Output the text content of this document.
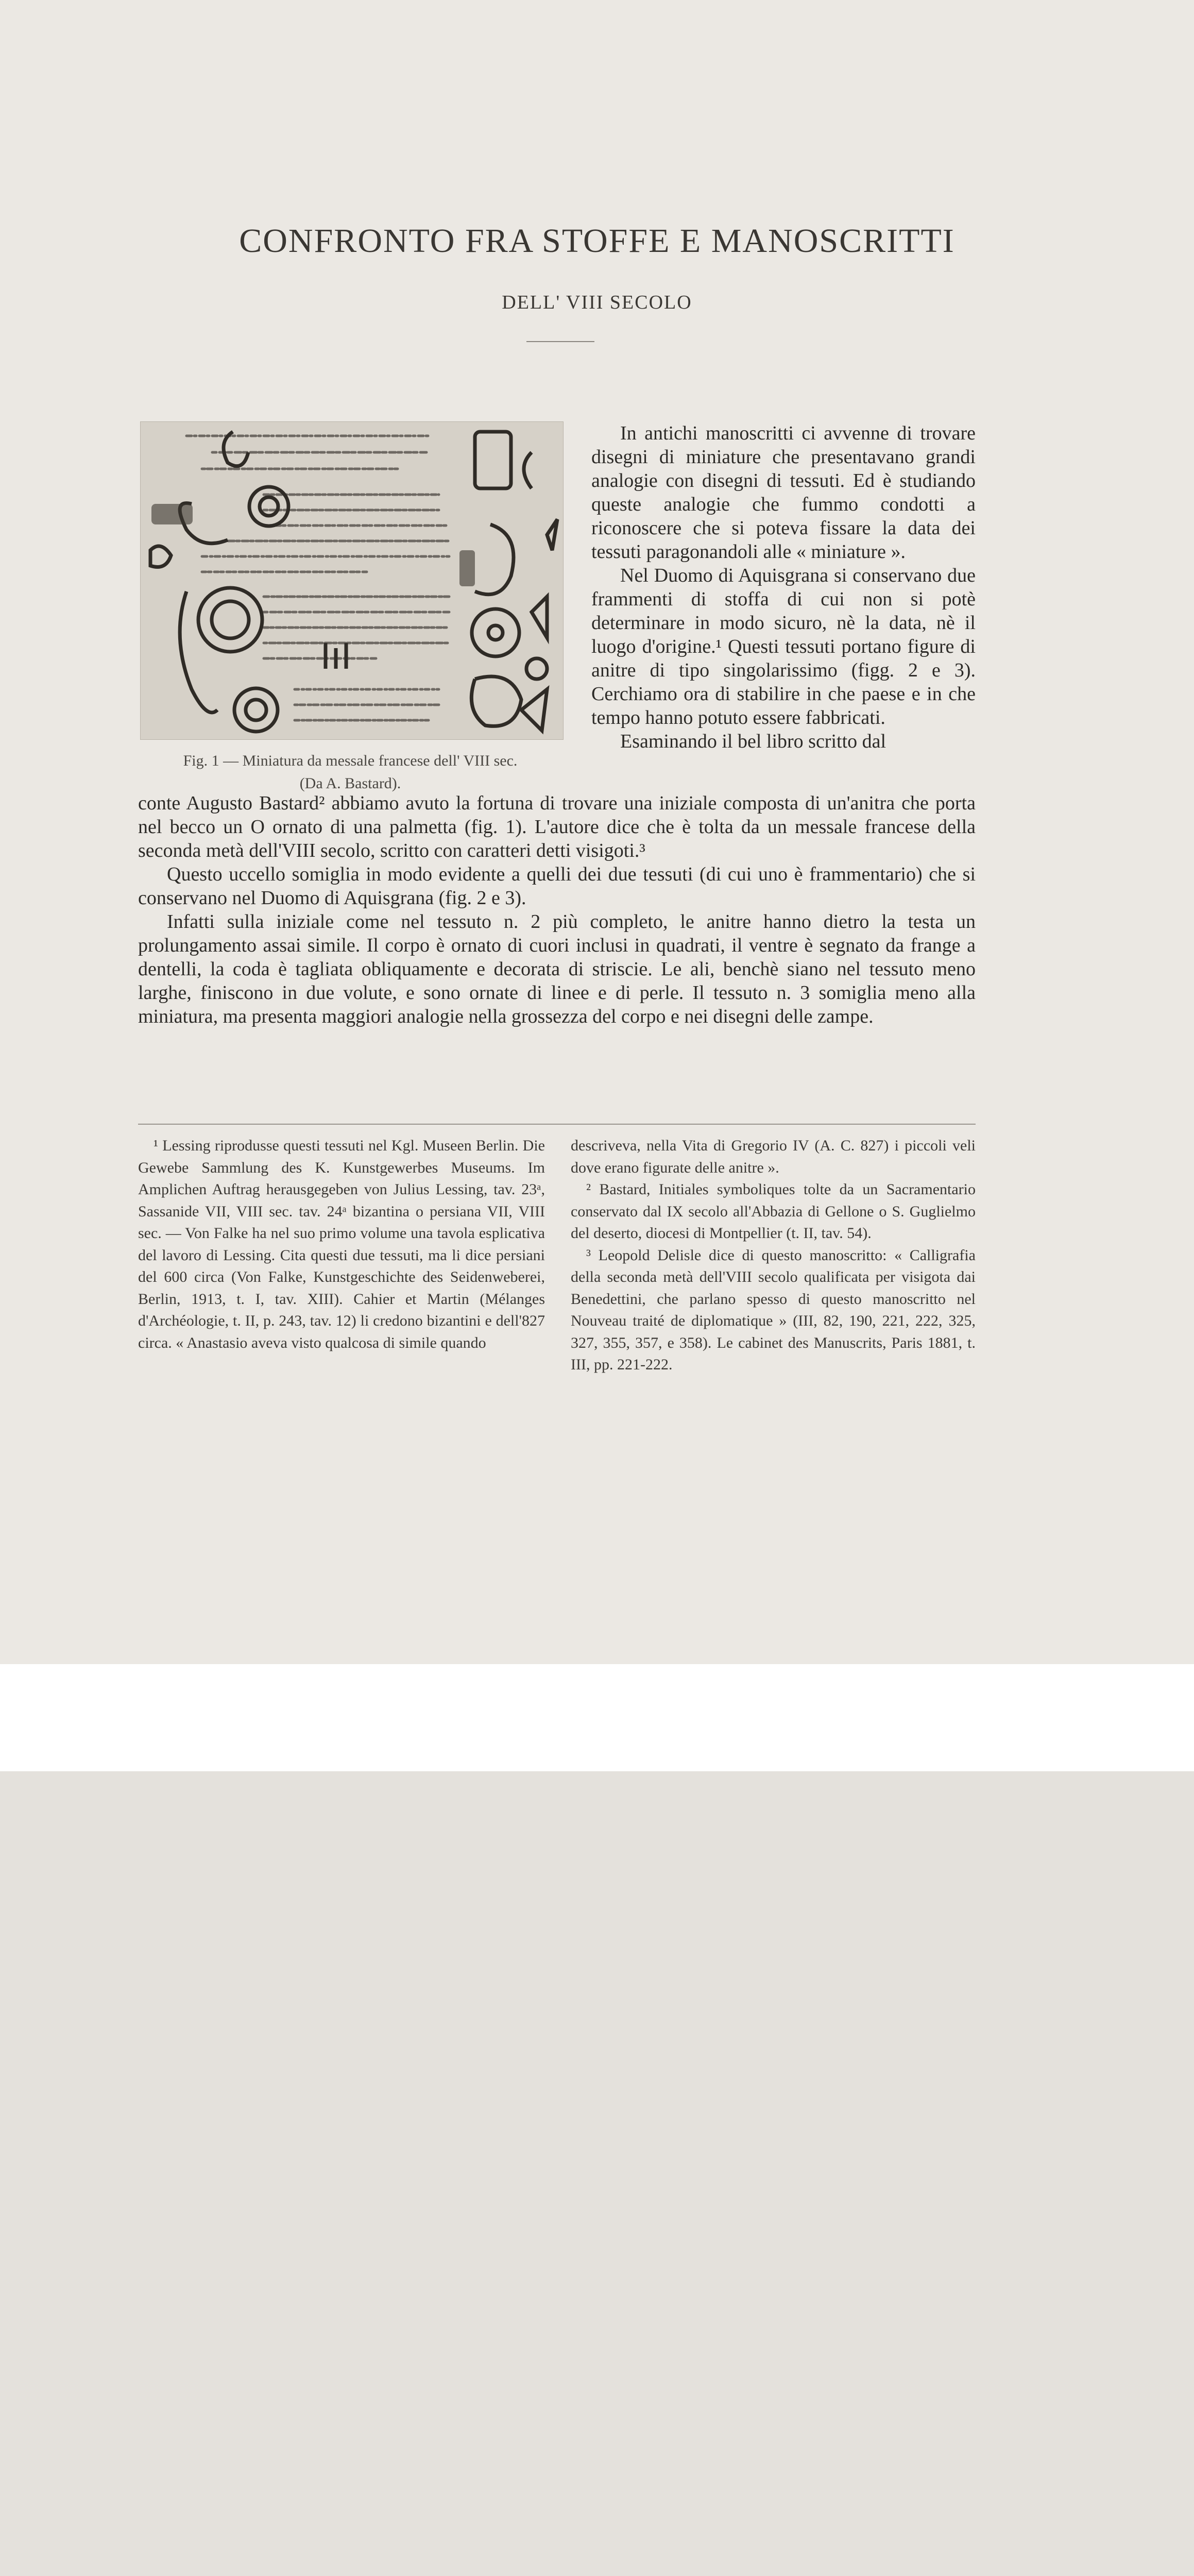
CONFRONTO FRA STOFFE E MANOSCRITTI
DELL' VIII SECOLO
Fig. 1 — Miniatura da messale francese dell' VIII sec.
(Da A. Bastard).

In antichi manoscritti ci avvenne di trovare disegni di miniature che presentavano grandi analogie con disegni di tessuti. Ed è studiando queste analogie che fummo condotti a riconoscere che si poteva fissare la data dei tessuti paragonandoli alle « miniature ».

Nel Duomo di Aquisgrana si conservano due frammenti di stoffa di cui non si potè determinare in modo sicuro, nè la data, nè il luogo d'origine.¹ Questi tessuti portano figure di anitre di tipo singolarissimo (figg. 2 e 3). Cerchiamo ora di stabilire in che paese e in che tempo hanno potuto essere fabbricati.

Esaminando il bel libro scritto dal

conte Augusto Bastard² abbiamo avuto la fortuna di trovare una iniziale composta di un'anitra che porta nel becco un O ornato di una palmetta (fig. 1). L'autore dice che è tolta da un messale francese della seconda metà dell'VIII secolo, scritto con caratteri detti visigoti.³

Questo uccello somiglia in modo evidente a quelli dei due tessuti (di cui uno è frammentario) che si conservano nel Duomo di Aquisgrana (fig. 2 e 3).

Infatti sulla iniziale come nel tessuto n. 2 più completo, le anitre hanno dietro la testa un prolungamento assai simile. Il corpo è ornato di cuori inclusi in quadrati, il ventre è segnato da frange a dentelli, la coda è tagliata obliquamente e decorata di striscie. Le ali, benchè siano nel tessuto meno larghe, finiscono in due volute, e sono ornate di linee e di perle. Il tessuto n. 3 somiglia meno alla miniatura, ma presenta maggiori analogie nella grossezza del corpo e nei disegni delle zampe.

¹ Lessing riprodusse questi tessuti nel Kgl. Museen Berlin. Die Gewebe Sammlung des K. Kunstgewerbes Museums. Im Amplichen Auftrag herausgegeben von Julius Lessing, tav. 23ᵃ, Sassanide VII, VIII sec. tav. 24ᵃ bizantina o persiana VII, VIII sec. — Von Falke ha nel suo primo volume una tavola esplicativa del lavoro di Lessing. Cita questi due tessuti, ma li dice persiani del 600 circa (Von Falke, Kunstgeschichte des Seidenweberei, Berlin, 1913, t. I, tav. XIII). Cahier et Martin (Mélanges d'Archéologie, t. II, p. 243, tav. 12) li credono bizantini e dell'827 circa. « Anastasio aveva visto qualcosa di simile quando

descriveva, nella Vita di Gregorio IV (A. C. 827) i piccoli veli dove erano figurate delle anitre ».

² Bastard, Initiales symboliques tolte da un Sacramentario conservato dal IX secolo all'Abbazia di Gellone o S. Guglielmo del deserto, diocesi di Montpellier (t. II, tav. 54).

³ Leopold Delisle dice di questo manoscritto: « Calligrafia della seconda metà dell'VIII secolo qualificata per visigota dai Benedettini, che parlano spesso di questo manoscritto nel Nouveau traité de diplomatique » (III, 82, 190, 221, 222, 325, 327, 355, 357, e 358). Le cabinet des Manuscrits, Paris 1881, t. III, pp. 221-222.
